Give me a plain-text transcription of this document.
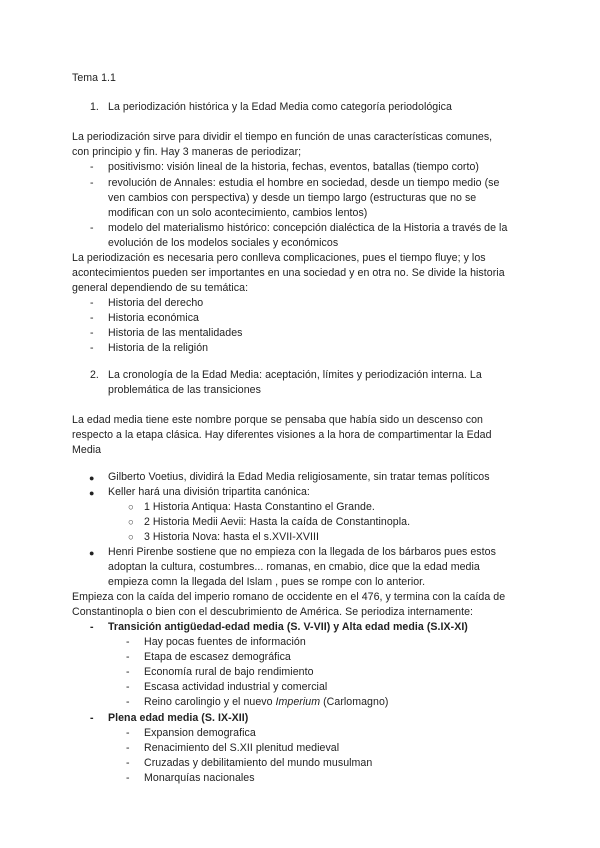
Tema 1.1
1. La periodización histórica y la Edad Media como categoría periodológica
La periodización sirve para dividir el tiempo en función de unas características comunes,
con principio y fin. Hay 3 maneras de periodizar;
- positivismo: visión lineal de la historia, fechas, eventos, batallas (tiempo corto)
- revolución de Annales: estudia el hombre en sociedad, desde un tiempo medio (se
ven cambios con perspectiva) y desde un tiempo largo (estructuras que no se
modifican con un solo acontecimiento, cambios lentos)
- modelo del materialismo histórico: concepción dialéctica de la Historia a través de la
evolución de los modelos sociales y económicos
La periodización es necesaria pero conlleva complicaciones, pues el tiempo fluye; y los
acontecimientos pueden ser importantes en una sociedad y en otra no. Se divide la historia
general dependiendo de su temática:
- Historia del derecho
- Historia económica
- Historia de las mentalidades
- Historia de la religión
2. La cronología de la Edad Media: aceptación, límites y periodización interna. La
problemática de las transiciones
La edad media tiene este nombre porque se pensaba que había sido un descenso con
respecto a la etapa clásica. Hay diferentes visiones a la hora de compartimentar la Edad
Media
● Gilberto Voetius, dividirá la Edad Media religiosamente, sin tratar temas políticos
● Keller hará una división tripartita canónica:
○ 1 Historia Antiqua: Hasta Constantino el Grande.
○ 2 Historia Medii Aevii: Hasta la caída de Constantinopla.
○ 3 Historia Nova: hasta el s.XVII-XVIII
● Henri Pirenbe sostiene que no empieza con la llegada de los bárbaros pues estos
adoptan la cultura, costumbres... romanas, en cmabio, dice que la edad media
empieza comn la llegada del Islam , pues se rompe con lo anterior.
Empieza con la caída del imperio romano de occidente en el 476, y termina con la caída de
Constantinopla o bien con el descubrimiento de América. Se periodiza internamente:
- Transición antigüedad-edad media (S. V-VII) y Alta edad media (S.IX-XI)
- Hay pocas fuentes de información
- Etapa de escasez demográfica
- Economía rural de bajo rendimiento
- Escasa actividad industrial y comercial
- Reino carolingio y el nuevo Imperium (Carlomagno)
- Plena edad media (S. IX-XII)
- Expansion demografica
- Renacimiento del S.XII plenitud medieval
- Cruzadas y debilitamiento del mundo musulman
- Monarquías nacionales
